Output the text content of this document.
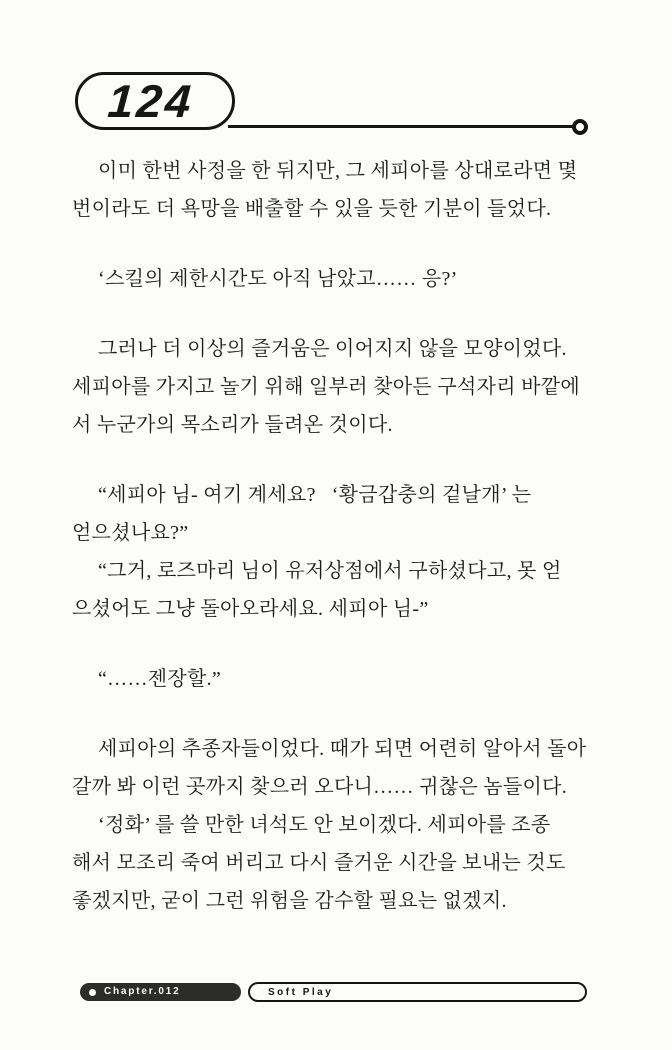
124
이미 한번 사정을 한 뒤지만, 그 세피아를 상대로라면 몇
번이라도 더 욕망을 배출할 수 있을 듯한 기분이 들었다.
‘스킬의 제한시간도 아직 남았고…… 응?’
그러나 더 이상의 즐거움은 이어지지 않을 모양이었다.
세피아를 가지고 놀기 위해 일부러 찾아든 구석자리 바깥에
서 누군가의 목소리가 들려온 것이다.
“세피아 님- 여기 계세요?   ‘황금갑충의 겉날개’ 는
얻으셨나요?”
“그거, 로즈마리 님이 유저상점에서 구하셨다고, 못 얻
으셨어도 그냥 돌아오라세요. 세피아 님-”
“……젠장할.”
세피아의 추종자들이었다. 때가 되면 어련히 알아서 돌아
갈까 봐 이런 곳까지 찾으러 오다니…… 귀찮은 놈들이다.
‘정화’ 를 쓸 만한 녀석도 안 보이겠다. 세피아를 조종
해서 모조리 죽여 버리고 다시 즐거운 시간을 보내는 것도
좋겠지만, 굳이 그런 위험을 감수할 필요는 없겠지.
Chapter.012	Soft Play
